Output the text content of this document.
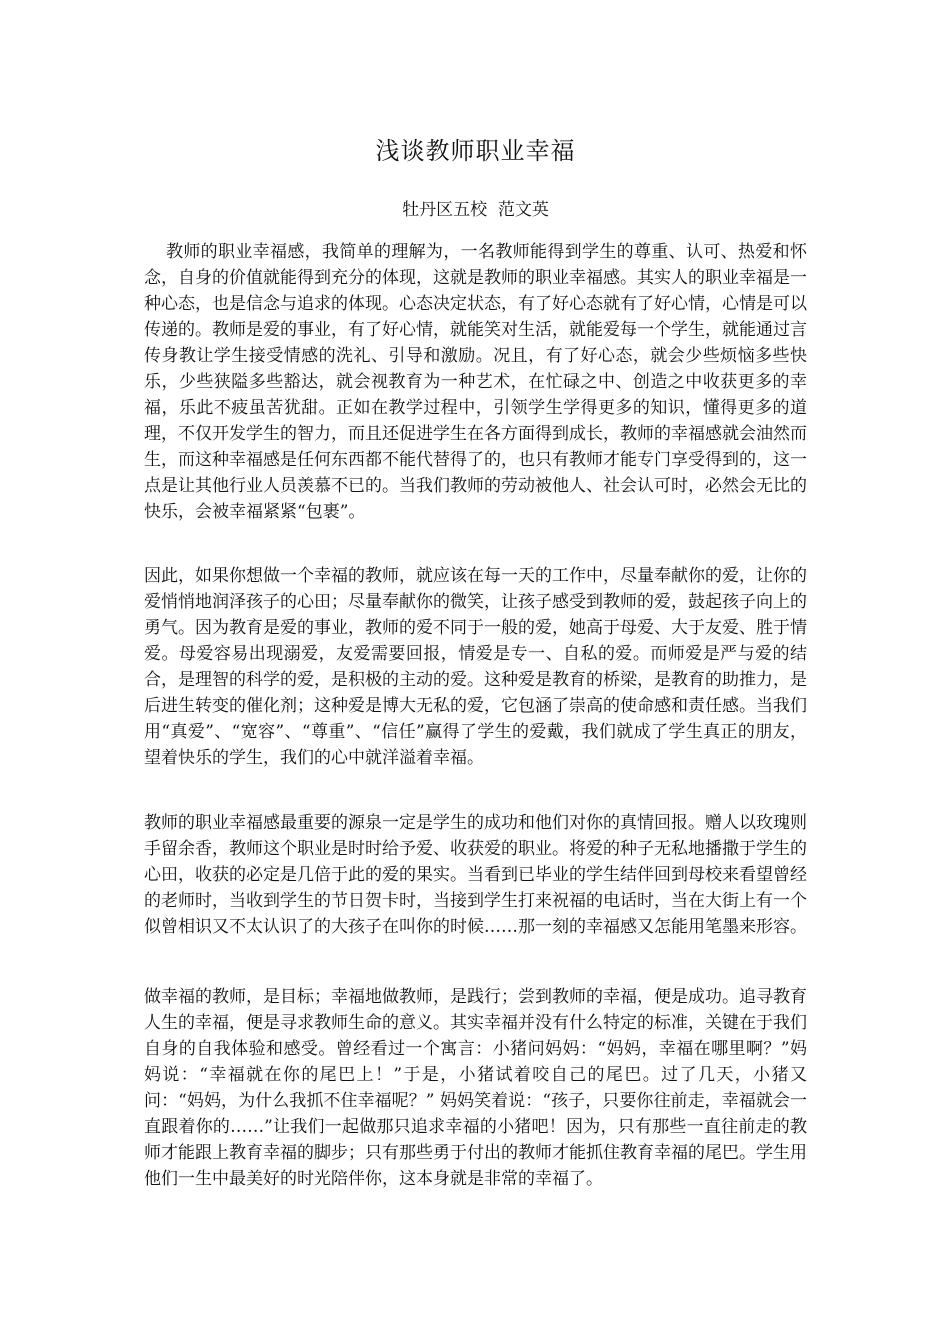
浅谈教师职业幸福
牡丹区五校  范文英

教师的职业幸福感，我简单的理解为，一名教师能得到学生的尊重、认可、热爱和怀念，自身的价值就能得到充分的体现，这就是教师的职业幸福感。其实人的职业幸福是一种心态，也是信念与追求的体现。心态决定状态，有了好心态就有了好心情，心情是可以传递的。教师是爱的事业，有了好心情，就能笑对生活，就能爱每一个学生，就能通过言传身教让学生接受情感的洗礼、引导和激励。况且，有了好心态，就会少些烦恼多些快乐，少些狭隘多些豁达，就会视教育为一种艺术，在忙碌之中、创造之中收获更多的幸福，乐此不疲虽苦犹甜。正如在教学过程中，引领学生学得更多的知识，懂得更多的道理，不仅开发学生的智力，而且还促进学生在各方面得到成长，教师的幸福感就会油然而生，而这种幸福感是任何东西都不能代替得了的，也只有教师才能专门享受得到的，这一点是让其他行业人员羡慕不已的。当我们教师的劳动被他人、社会认可时，必然会无比的快乐，会被幸福紧紧“包裹”。

因此，如果你想做一个幸福的教师，就应该在每一天的工作中，尽量奉献你的爱，让你的爱悄悄地润泽孩子的心田；尽量奉献你的微笑，让孩子感受到教师的爱，鼓起孩子向上的勇气。因为教育是爱的事业，教师的爱不同于一般的爱，她高于母爱、大于友爱、胜于情爱。母爱容易出现溺爱，友爱需要回报，情爱是专一、自私的爱。而师爱是严与爱的结合，是理智的科学的爱，是积极的主动的爱。这种爱是教育的桥梁，是教育的助推力，是后进生转变的催化剂；这种爱是博大无私的爱，它包涵了崇高的使命感和责任感。当我们用“真爱”、“宽容”、“尊重”、“信任”赢得了学生的爱戴，我们就成了学生真正的朋友，望着快乐的学生，我们的心中就洋溢着幸福。

教师的职业幸福感最重要的源泉一定是学生的成功和他们对你的真情回报。赠人以玫瑰则手留余香，教师这个职业是时时给予爱、收获爱的职业。将爱的种子无私地播撒于学生的心田，收获的必定是几倍于此的爱的果实。当看到已毕业的学生结伴回到母校来看望曾经的老师时，当收到学生的节日贺卡时，当接到学生打来祝福的电话时，当在大街上有一个似曾相识又不太认识了的大孩子在叫你的时候……那一刻的幸福感又怎能用笔墨来形容。

做幸福的教师，是目标；幸福地做教师，是践行；尝到教师的幸福，便是成功。追寻教育人生的幸福，便是寻求教师生命的意义。其实幸福并没有什么特定的标准，关键在于我们自身的自我体验和感受。曾经看过一个寓言：小猪问妈妈：“妈妈，幸福在哪里啊？”妈妈说：“幸福就在你的尾巴上！”于是，小猪试着咬自己的尾巴。过了几天，小猪又问：“妈妈，为什么我抓不住幸福呢？” 妈妈笑着说：“孩子，只要你往前走，幸福就会一直跟着你的……”让我们一起做那只追求幸福的小猪吧！因为，只有那些一直往前走的教师才能跟上教育幸福的脚步；只有那些勇于付出的教师才能抓住教育幸福的尾巴。学生用他们一生中最美好的时光陪伴你，这本身就是非常的幸福了。
